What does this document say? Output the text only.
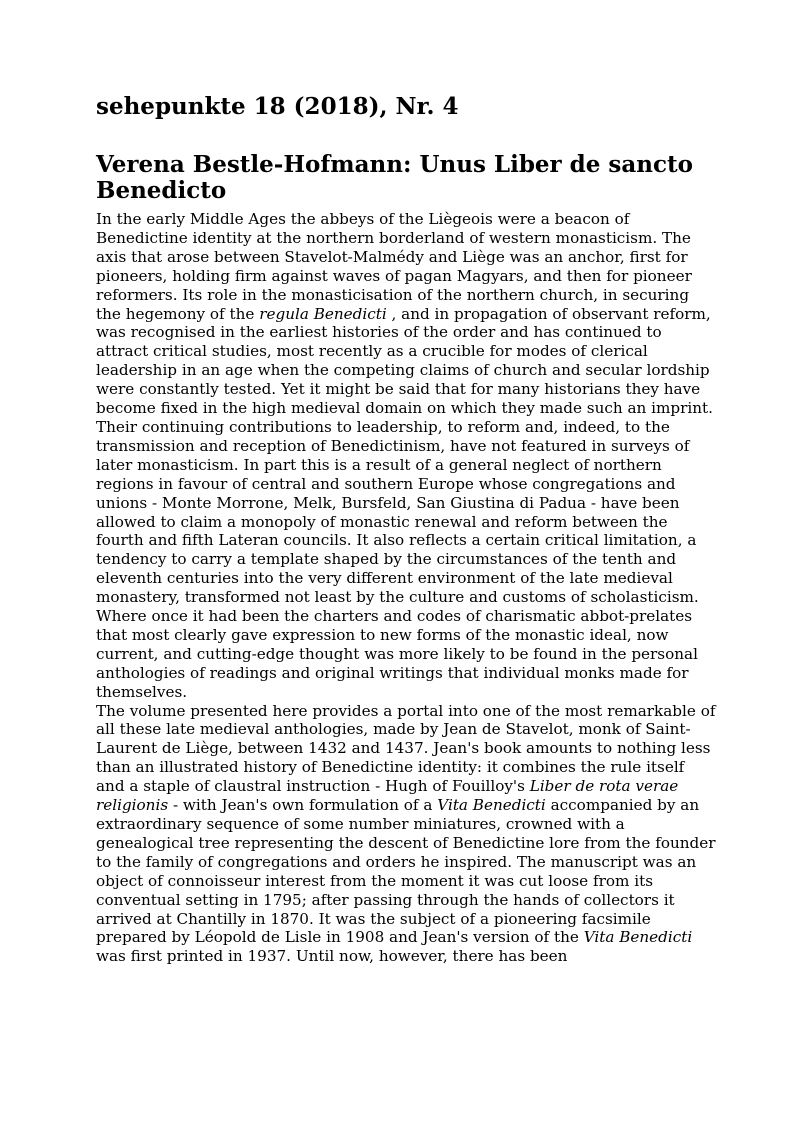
sehepunkte 18 (2018), Nr. 4
Verena Bestle-Hofmann: Unus Liber de sancto Benedicto

In the early Middle Ages the abbeys of the Liègeois were a beacon of Benedictine identity at the northern borderland of western monasticism. The axis that arose between Stavelot-Malmédy and Liège was an anchor, first for pioneers, holding firm against waves of pagan Magyars, and then for pioneer reformers. Its role in the monasticisation of the northern church, in securing the hegemony of the regula Benedicti , and in propagation of observant reform, was recognised in the earliest histories of the order and has continued to attract critical studies, most recently as a crucible for modes of clerical leadership in an age when the competing claims of church and secular lordship were constantly tested. Yet it might be said that for many historians they have become fixed in the high medieval domain on which they made such an imprint. Their continuing contributions to leadership, to reform and, indeed, to the transmission and reception of Benedictinism, have not featured in surveys of later monasticism. In part this is a result of a general neglect of northern regions in favour of central and southern Europe whose congregations and unions - Monte Morrone, Melk, Bursfeld, San Giustina di Padua - have been allowed to claim a monopoly of monastic renewal and reform between the fourth and fifth Lateran councils. It also reflects a certain critical limitation, a tendency to carry a template shaped by the circumstances of the tenth and eleventh centuries into the very different environment of the late medieval monastery, transformed not least by the culture and customs of scholasticism. Where once it had been the charters and codes of charismatic abbot-prelates that most clearly gave expression to new forms of the monastic ideal, now current, and cutting-edge thought was more likely to be found in the personal anthologies of readings and original writings that individual monks made for themselves.

The volume presented here provides a portal into one of the most remarkable of all these late medieval anthologies, made by Jean de Stavelot, monk of Saint-Laurent de Liège, between 1432 and 1437. Jean's book amounts to nothing less than an illustrated history of Benedictine identity: it combines the rule itself and a staple of claustral instruction - Hugh of Fouilloy's Liber de rota verae religionis - with Jean's own formulation of a Vita Benedicti accompanied by an extraordinary sequence of some number miniatures, crowned with a genealogical tree representing the descent of Benedictine lore from the founder to the family of congregations and orders he inspired. The manuscript was an object of connoisseur interest from the moment it was cut loose from its conventual setting in 1795; after passing through the hands of collectors it arrived at Chantilly in 1870. It was the subject of a pioneering facsimile prepared by Léopold de Lisle in 1908 and Jean's version of the Vita Benedicti was first printed in 1937. Until now, however, there has been
